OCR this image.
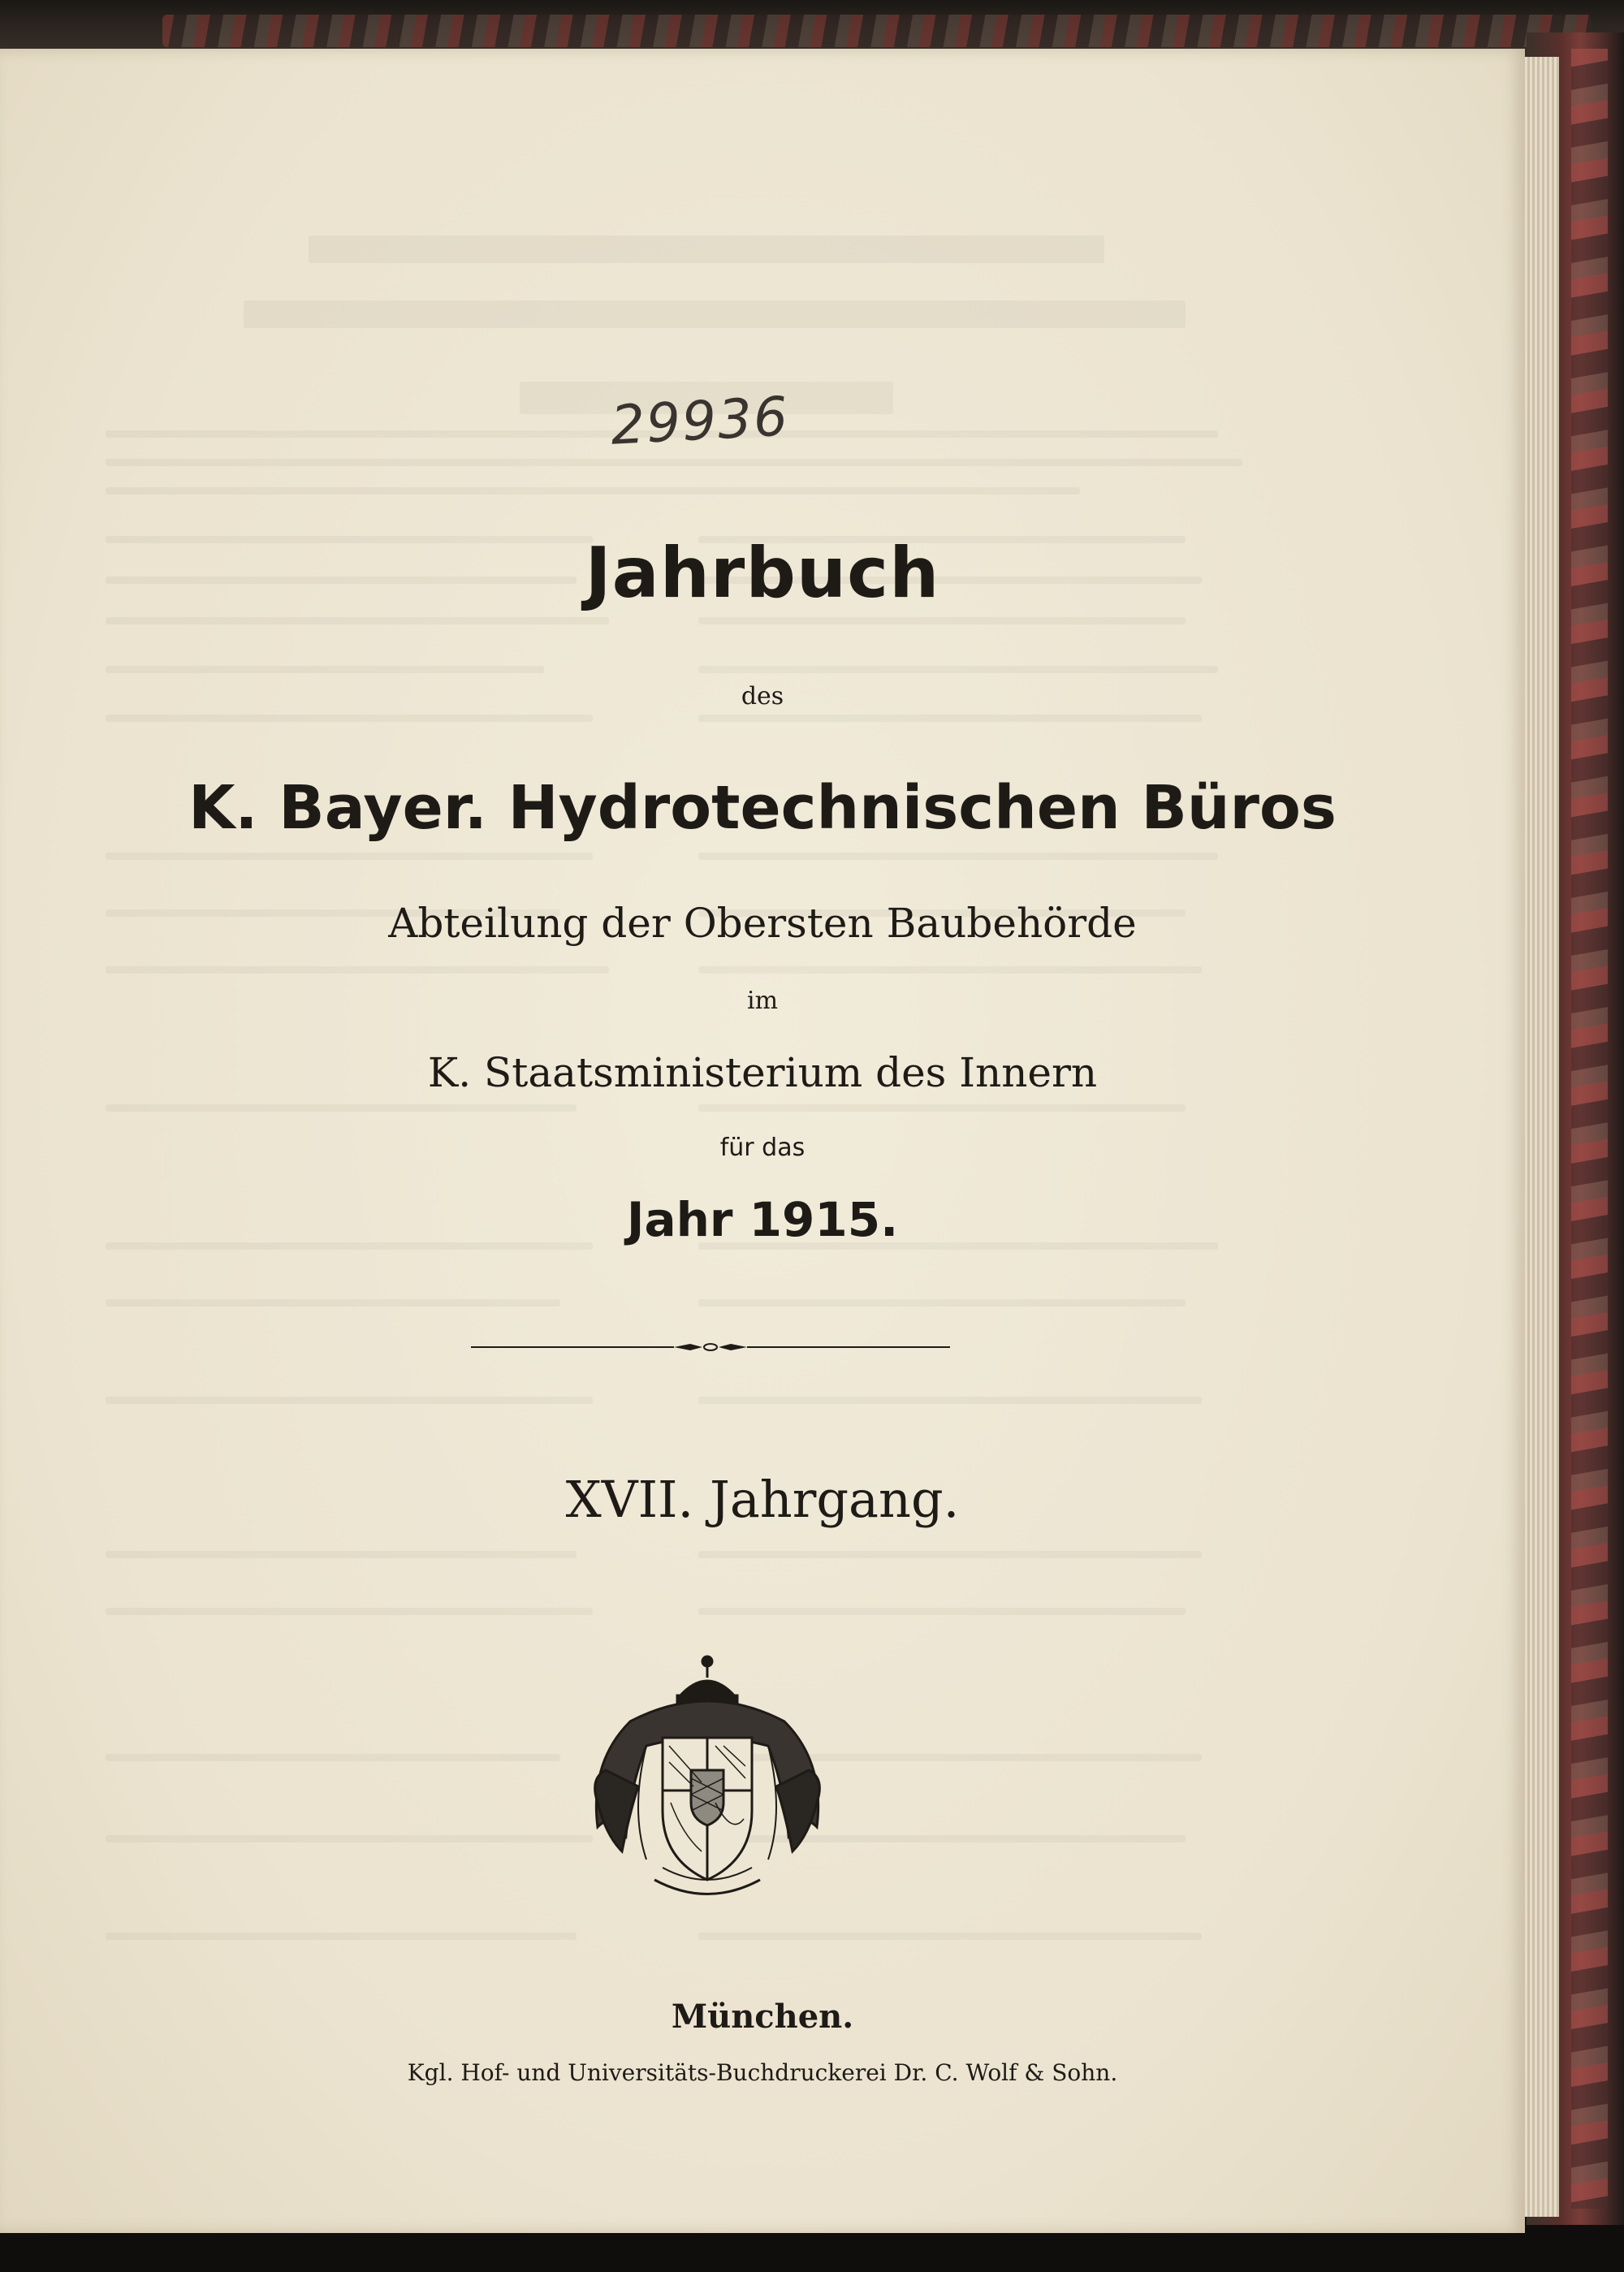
29936
Jahrbuch
des
K. Bayer. Hydrotechnischen Büros
Abteilung der Obersten Baubehörde
im
K. Staatsministerium des Innern
für das
Jahr 1915.
XVII. Jahrgang.
München.
Kgl. Hof- und Universitäts-Buchdruckerei Dr. C. Wolf & Sohn.
